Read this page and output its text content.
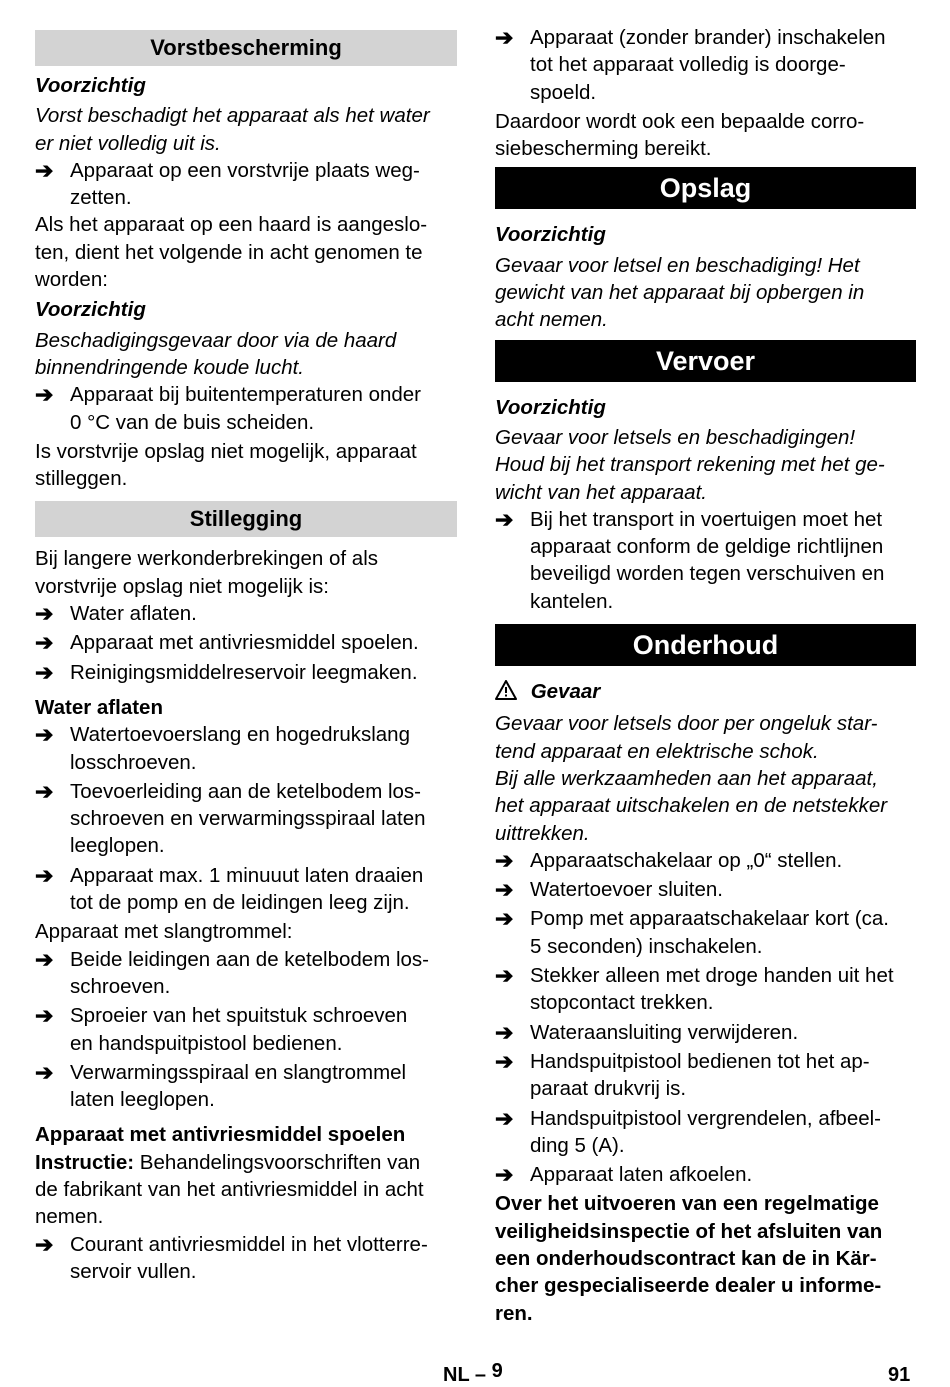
Vorstbescherming
Voorzichtig
Vorst beschadigt het apparaat als het water
er niet volledig uit is.
➔ Apparaat op een vorstvrije plaats weg-
zetten.
Als het apparaat op een haard is aangeslo-
ten, dient het volgende in acht genomen te
worden:
Voorzichtig
Beschadigingsgevaar door via de haard
binnendringende koude lucht.
➔ Apparaat bij buitentemperaturen onder
0 °C van de buis scheiden.
Is vorstvrije opslag niet mogelijk, apparaat
stilleggen.
Stillegging
Bij langere werkonderbrekingen of als
vorstvrije opslag niet mogelijk is:
➔ Water aflaten.
➔ Apparaat met antivriesmiddel spoelen.
➔ Reinigingsmiddelreservoir leegmaken.
Water aflaten
➔ Watertoevoerslang en hogedrukslang
losschroeven.
➔ Toevoerleiding aan de ketelbodem los-
schroeven en verwarmingsspiraal laten
leeglopen.
➔ Apparaat max. 1 minuuut laten draaien
tot de pomp en de leidingen leeg zijn.
Apparaat met slangtrommel:
➔ Beide leidingen aan de ketelbodem los-
schroeven.
➔ Sproeier van het spuitstuk schroeven
en handspuitpistool bedienen.
➔ Verwarmingsspiraal en slangtrommel
laten leeglopen.
Apparaat met antivriesmiddel spoelen
Instructie: Behandelingsvoorschriften van
de fabrikant van het antivriesmiddel in acht
nemen.
➔ Courant antivriesmiddel in het vlotterre-
servoir vullen.
➔ Apparaat (zonder brander) inschakelen
tot het apparaat volledig is doorge-
spoeld.
Daardoor wordt ook een bepaalde corro-
siebescherming bereikt.
Opslag
Voorzichtig
Gevaar voor letsel en beschadiging! Het
gewicht van het apparaat bij opbergen in
acht nemen.
Vervoer
Voorzichtig
Gevaar voor letsels en beschadigingen!
Houd bij het transport rekening met het ge-
wicht van het apparaat.
➔ Bij het transport in voertuigen moet het
apparaat conform de geldige richtlijnen
beveiligd worden tegen verschuiven en
kantelen.
Onderhoud
Gevaar
Gevaar voor letsels door per ongeluk star-
tend apparaat en elektrische schok.
Bij alle werkzaamheden aan het apparaat,
het apparaat uitschakelen en de netstekker
uittrekken.
➔ Apparaatschakelaar op „0“ stellen.
➔ Watertoevoer sluiten.
➔ Pomp met apparaatschakelaar kort (ca.
5 seconden) inschakelen.
➔ Stekker alleen met droge handen uit het
stopcontact trekken.
➔ Wateraansluiting verwijderen.
➔ Handspuitpistool bedienen tot het ap-
paraat drukvrij is.
➔ Handspuitpistool vergrendelen, afbeel-
ding 5 (A).
➔ Apparaat laten afkoelen.
Over het uitvoeren van een regelmatige
veiligheidsinspectie of het afsluiten van
een onderhoudscontract kan de in Kär-
cher gespecialiseerde dealer u informe-
ren.
NL – 9	91
